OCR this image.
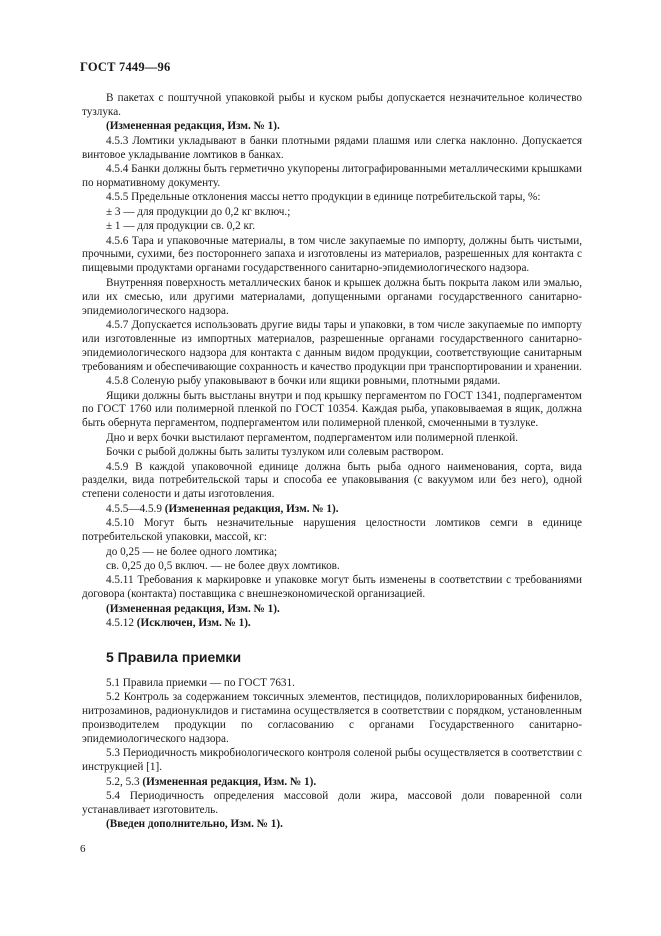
ГОСТ 7449—96

В пакетах с поштучной упаковкой рыбы и куском рыбы допускается незначительное количество тузлука.

(Измененная редакция, Изм. № 1).

4.5.3 Ломтики укладывают в банки плотными рядами плашмя или слегка наклонно. Допускается винтовое укладывание ломтиков в банках.

4.5.4 Банки должны быть герметично укупорены литографированными металлическими крышками по нормативному документу.

4.5.5 Предельные отклонения массы нетто продукции в единице потребительской тары, %:

± 3 — для продукции до 0,2 кг включ.;

± 1 — для продукции св. 0,2 кг.

4.5.6 Тара и упаковочные материалы, в том числе закупаемые по импорту, должны быть чистыми, прочными, сухими, без постороннего запаха и изготовлены из материалов, разрешенных для контакта с пищевыми продуктами органами государственного санитарно-эпидемиологического надзора.

Внутренняя поверхность металлических банок и крышек должна быть покрыта лаком или эмалью, или их смесью, или другими материалами, допущенными органами государственного санитарно-эпидемиологического надзора.

4.5.7 Допускается использовать другие виды тары и упаковки, в том числе закупаемые по импорту или изготовленные из импортных материалов, разрешенные органами государственного санитарно-эпидемиологического надзора для контакта с данным видом продукции, соответствующие санитарным требованиям и обеспечивающие сохранность и качество продукции при транспортировании и хранении.

4.5.8 Соленую рыбу упаковывают в бочки или ящики ровными, плотными рядами.

Ящики должны быть выстланы внутри и под крышку пергаментом по ГОСТ 1341, подпергаментом по ГОСТ 1760 или полимерной пленкой по ГОСТ 10354. Каждая рыба, упаковываемая в ящик, должна быть обернута пергаментом, подпергаментом или полимерной пленкой, смоченными в тузлуке.

Дно и верх бочки выстилают пергаментом, подпергаментом или полимерной пленкой.

Бочки с рыбой должны быть залиты тузлуком или солевым раствором.

4.5.9 В каждой упаковочной единице должна быть рыба одного наименования, сорта, вида разделки, вида потребительской тары и способа ее упаковывания (с вакуумом или без него), одной степени солености и даты изготовления.

4.5.5—4.5.9 (Измененная редакция, Изм. № 1).

4.5.10 Могут быть незначительные нарушения целостности ломтиков семги в единице потребительской упаковки, массой, кг:

до 0,25 — не более одного ломтика;

св. 0,25 до 0,5 включ. — не более двух ломтиков.

4.5.11 Требования к маркировке и упаковке могут быть изменены в соответствии с требованиями договора (контакта) поставщика с внешнеэкономической организацией.

(Измененная редакция, Изм. № 1).

4.5.12 (Исключен, Изм. № 1).

5 Правила приемки

5.1 Правила приемки — по ГОСТ 7631.

5.2 Контроль за содержанием токсичных элементов, пестицидов, полихлорированных бифенилов, нитрозаминов, радионуклидов и гистамина осуществляется в соответствии с порядком, установленным производителем продукции по согласованию с органами Государственного санитарно-эпидемиологического надзора.

5.3 Периодичность микробиологического контроля соленой рыбы осуществляется в соответствии с инструкцией [1].

5.2, 5.3 (Измененная редакция, Изм. № 1).

5.4 Периодичность определения массовой доли жира, массовой доли поваренной соли устанавливает изготовитель.

(Введен дополнительно, Изм. № 1).

6
